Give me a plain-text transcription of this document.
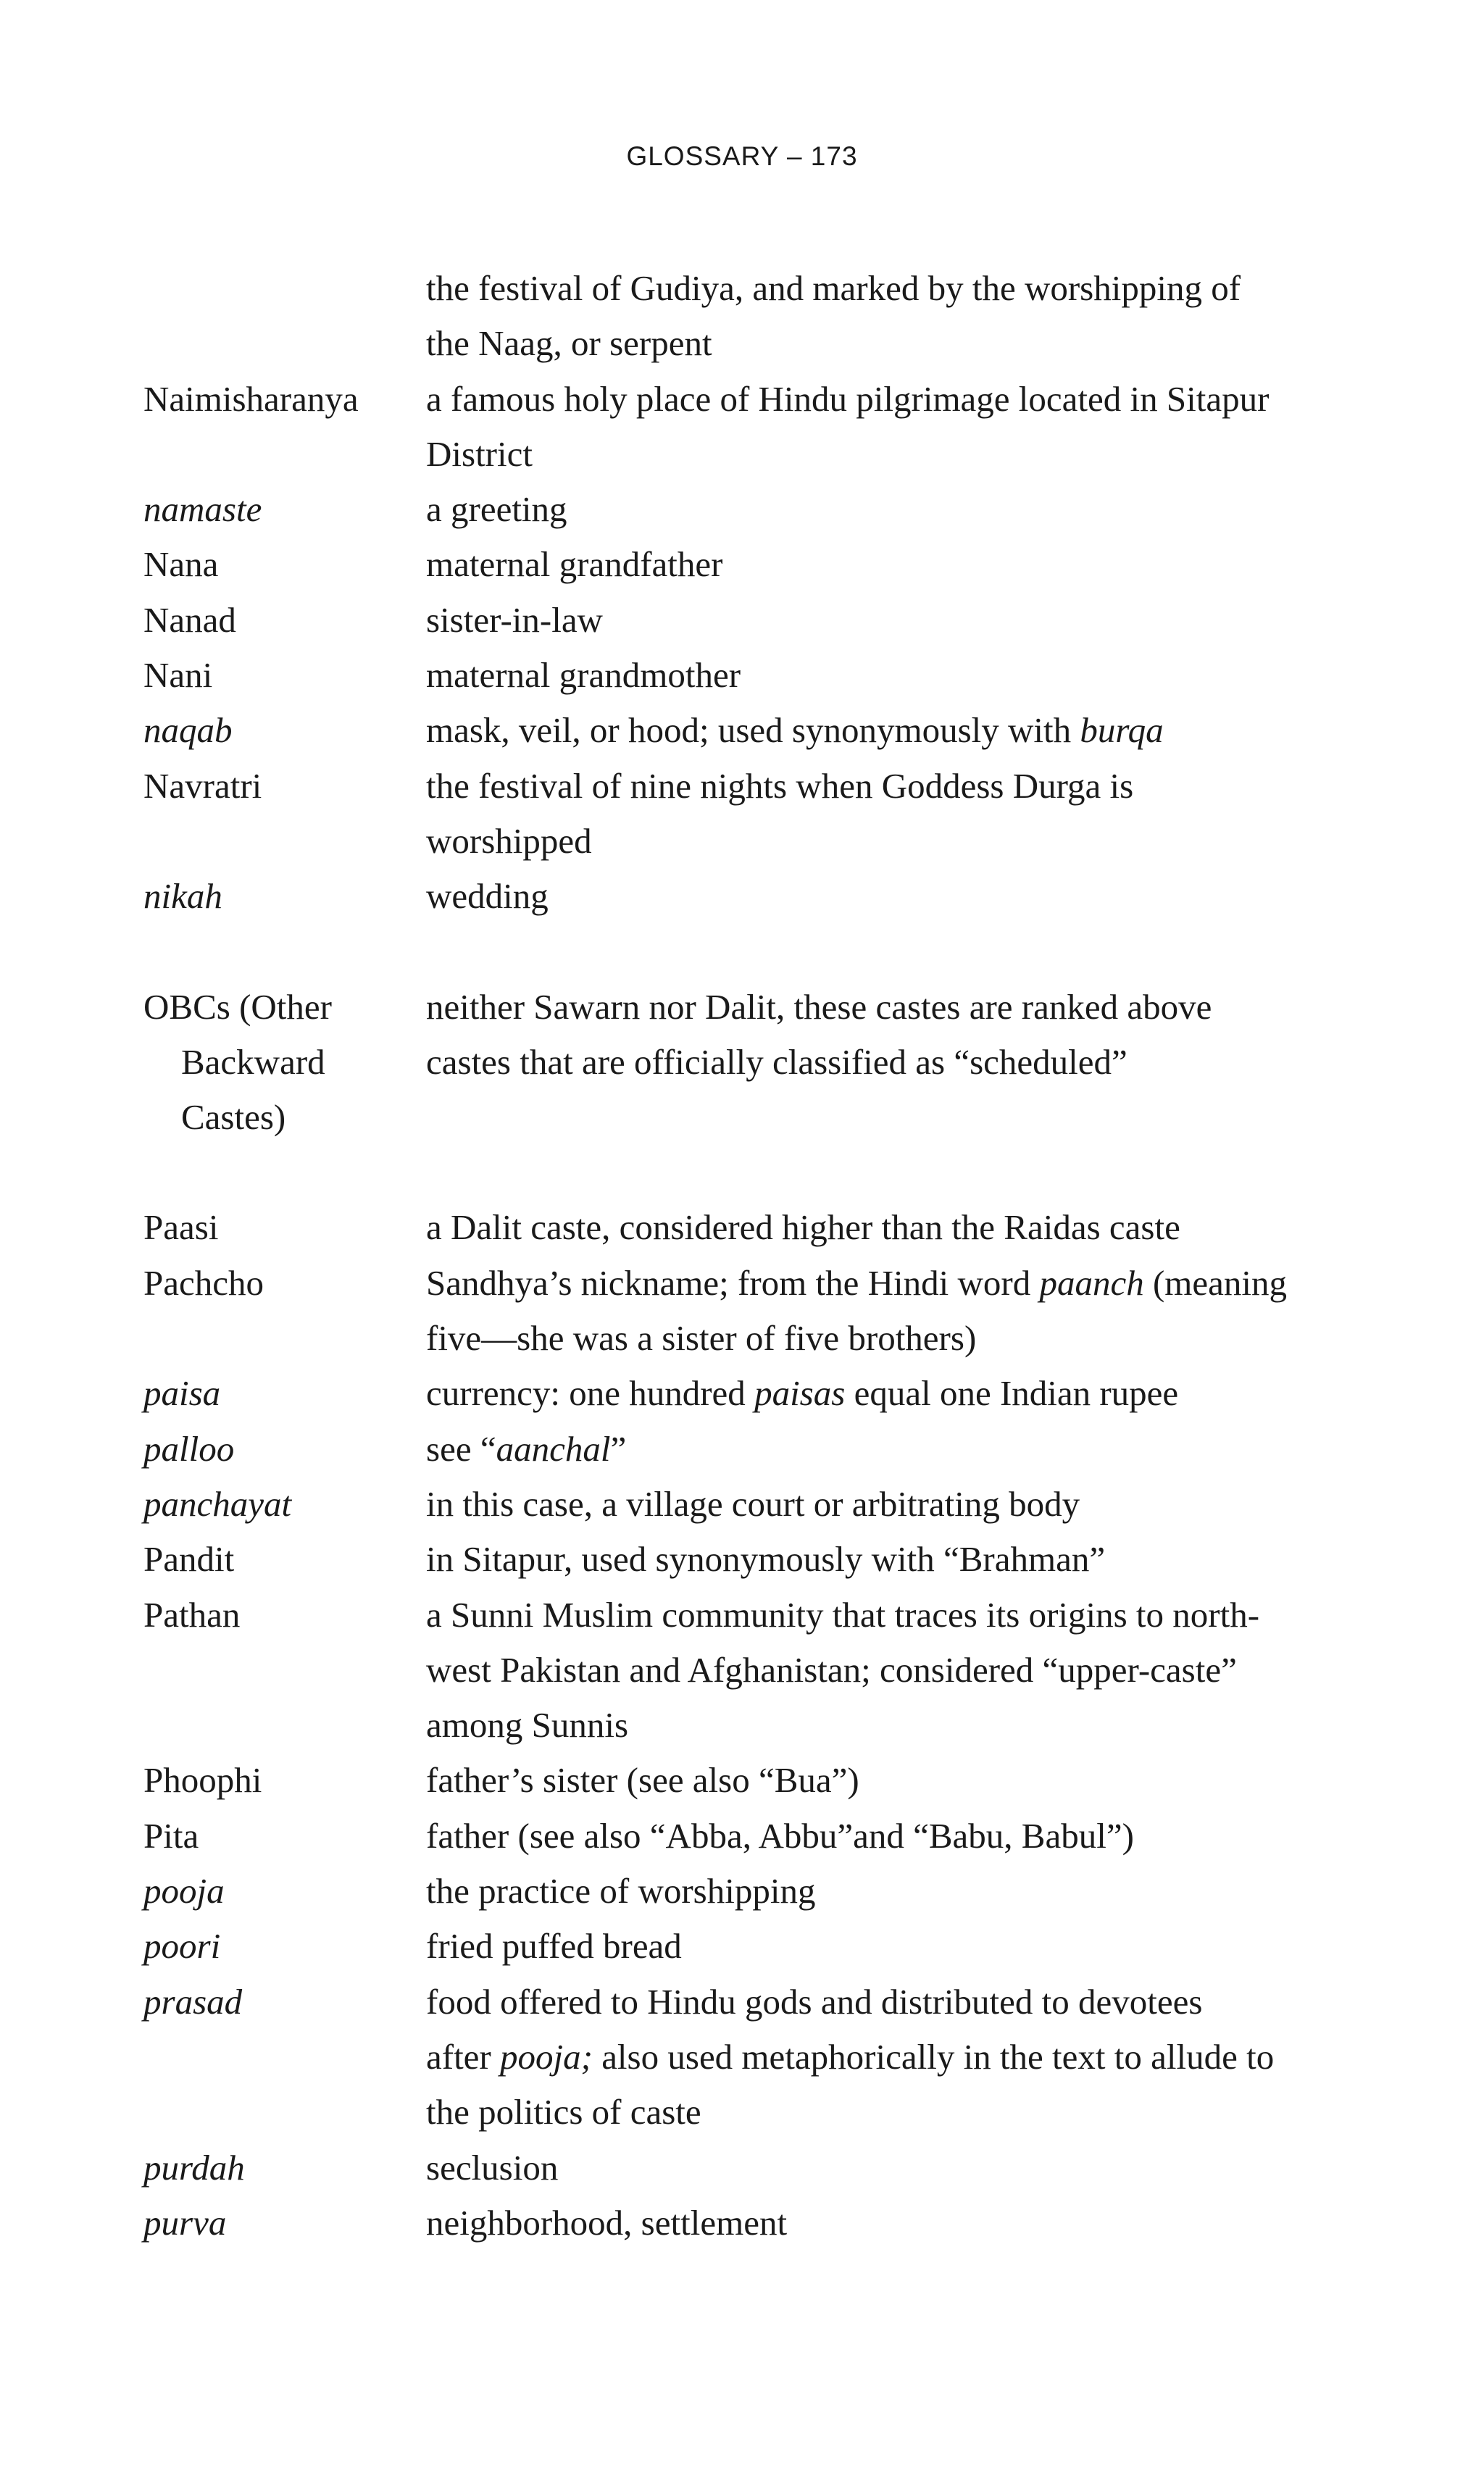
GLOSSARY – 173
the festival of Gudiya, and marked by the worshipping of
the Naag, or serpent
Naimisharanya	a famous holy place of Hindu pilgrimage located in Sitapur
District
namaste	a greeting
Nana	maternal grandfather
Nanad	sister-in-law
Nani	maternal grandmother
naqab	mask, veil, or hood; used synonymously with burqa
Navratri	the festival of nine nights when Goddess Durga is
worshipped
nikah	wedding
OBCs (Other	neither Sawarn nor Dalit, these castes are ranked above
Backward	castes that are officially classified as “scheduled”
Castes)
Paasi	a Dalit caste, considered higher than the Raidas caste
Pachcho	Sandhya’s nickname; from the Hindi word paanch (meaning
five—she was a sister of five brothers)
paisa	currency: one hundred paisas equal one Indian rupee
palloo	see “aanchal”
panchayat	in this case, a village court or arbitrating body
Pandit	in Sitapur, used synonymously with “Brahman”
Pathan	a Sunni Muslim community that traces its origins to north-
west Pakistan and Afghanistan; considered “upper-caste”
among Sunnis
Phoophi	father’s sister (see also “Bua”)
Pita	father (see also “Abba, Abbu”and “Babu, Babul”)
pooja	the practice of worshipping
poori	fried puffed bread
prasad	food offered to Hindu gods and distributed to devotees
after pooja; also used metaphorically in the text to allude to
the politics of caste
purdah	seclusion
purva	neighborhood, settlement
